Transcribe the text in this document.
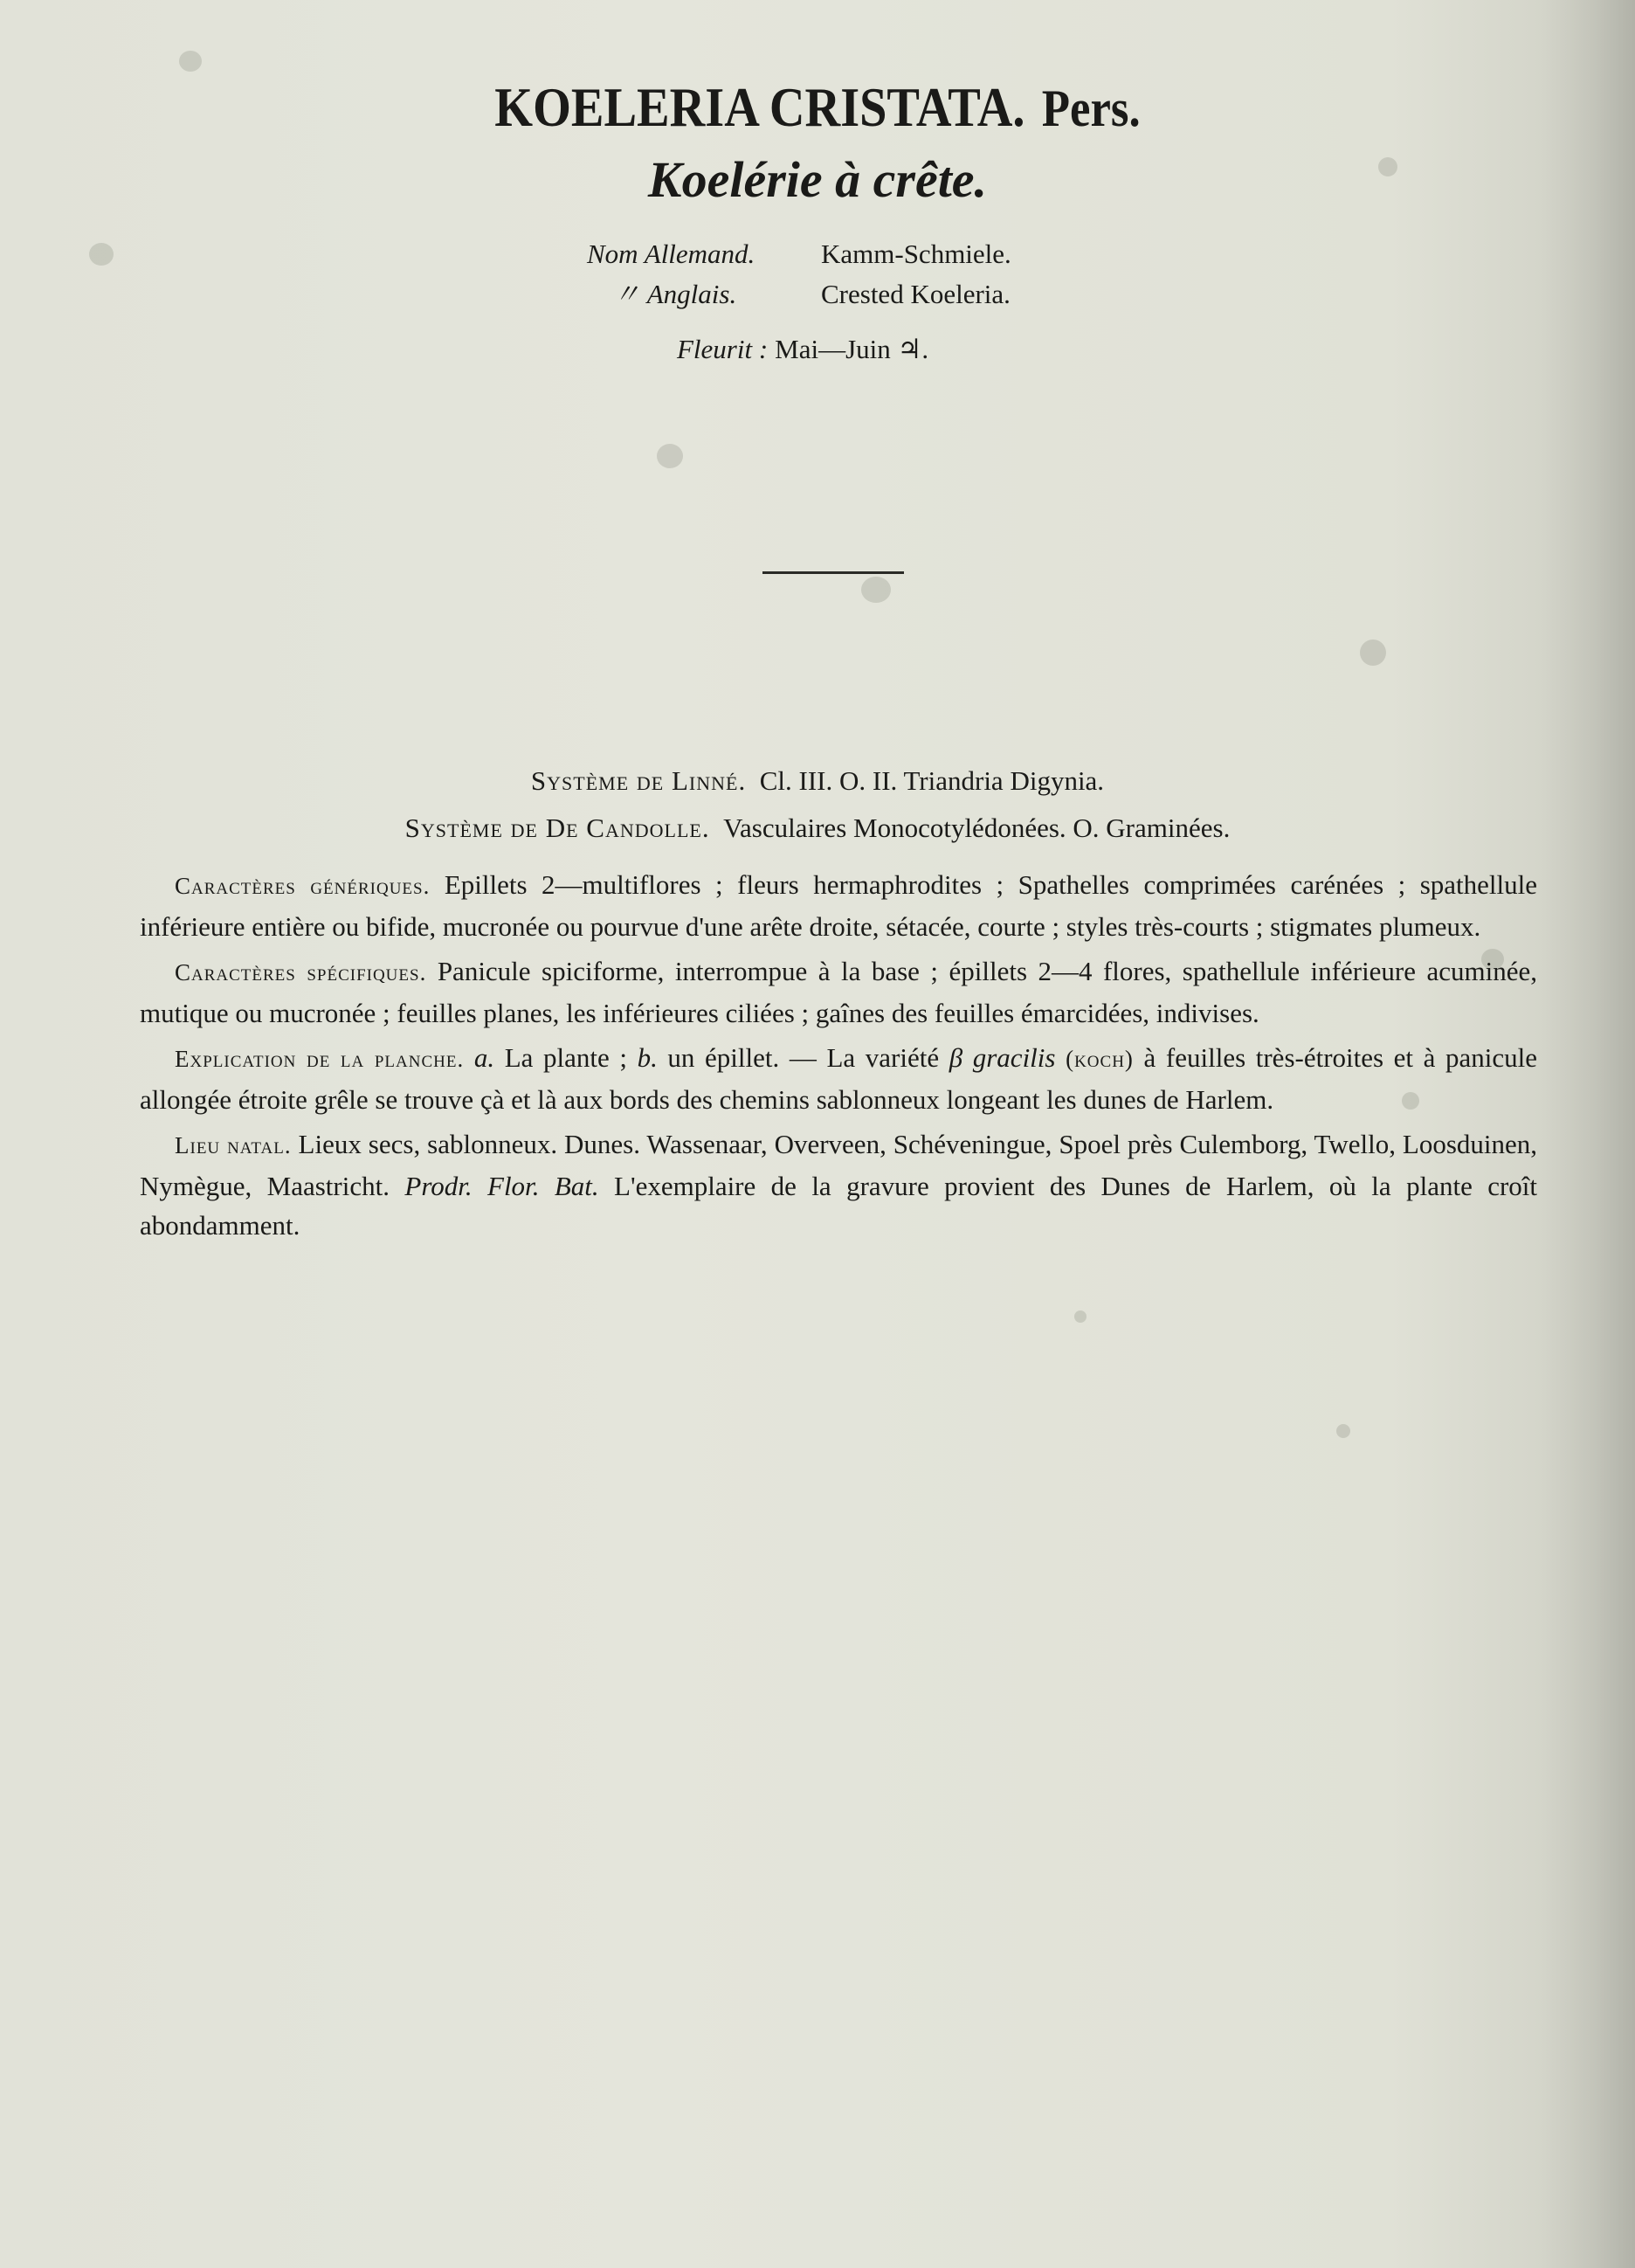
KOELERIA CRISTATA. Pers.
Koelérie à crête.
Nom Allemand. Kamm-Schmiele.
〃 Anglais.	Crested Koeleria.
Fleurit : Mai—Juin ♃.
Système de Linné. Cl. III. O. II. Triandria Digynia.
Système de De Candolle. Vasculaires Monocotylédonées. O. Graminées.

Caractères génériques. Epillets 2—multiflores ; fleurs hermaphrodites ; Spathelles comprimées carénées ; spathellule inférieure entière ou bifide, mucronée ou pourvue d'une arête droite, sétacée, courte ; styles très-courts ; stigmates plumeux.

Caractères spécifiques. Panicule spiciforme, interrompue à la base ; épillets 2—4 flores, spathellule inférieure acuminée, mutique ou mucronée ; feuilles planes, les inférieures ciliées ; gaînes des feuilles émarcidées, indivises.

Explication de la planche. a. La plante ; b. un épillet. — La variété β gracilis (koch) à feuilles très-étroites et à panicule allongée étroite grêle se trouve çà et là aux bords des chemins sablonneux longeant les dunes de Harlem.

Lieu natal. Lieux secs, sablonneux. Dunes. Wassenaar, Overveen, Schéveningue, Spoel près Culemborg, Twello, Loosduinen, Nymègue, Maastricht. Prodr. Flor. Bat. L'exemplaire de la gravure provient des Dunes de Harlem, où la plante croît abondamment.
